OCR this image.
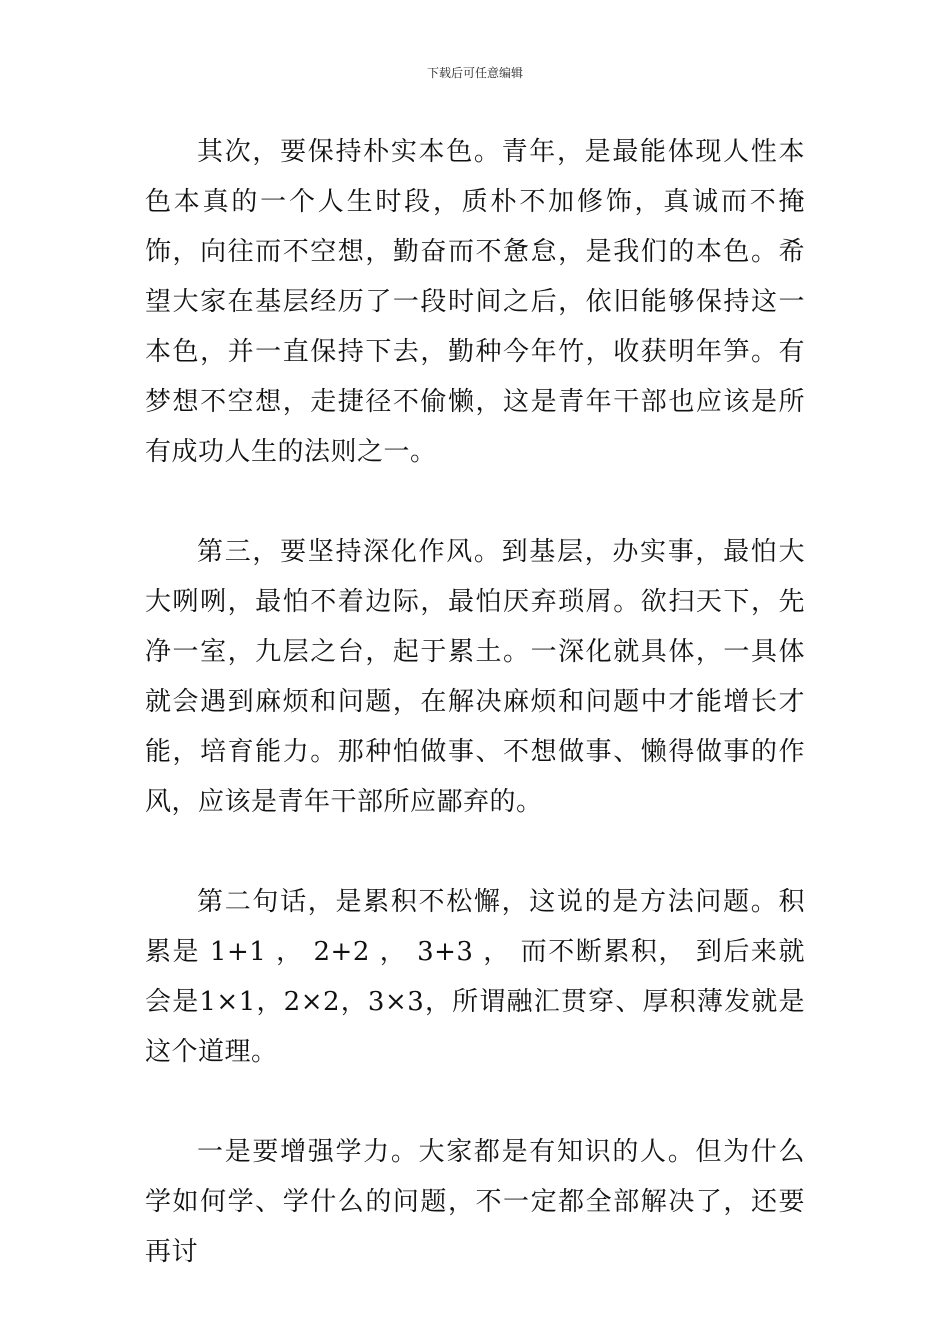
下载后可任意编辑

其次，要保持朴实本色。青年，是最能体现人性本色本真的一个人生时段，质朴不加修饰，真诚而不掩饰，向往而不空想，勤奋而不惫怠，是我们的本色。希望大家在基层经历了一段时间之后，依旧能够保持这一本色，并一直保持下去，勤种今年竹，收获明年笋。有梦想不空想，走捷径不偷懒，这是青年干部也应该是所有成功人生的法则之一。

第三，要坚持深化作风。到基层，办实事，最怕大大咧咧，最怕不着边际，最怕厌弃琐屑。欲扫天下，先净一室，九层之台，起于累土。一深化就具体，一具体就会遇到麻烦和问题，在解决麻烦和问题中才能增长才能，培育能力。那种怕做事、不想做事、懒得做事的作风，应该是青年干部所应鄙弃的。

第二句话，是累积不松懈，这说的是方法问题。积累是 1+1 ， 2+2 ， 3+3 ， 而不断累积， 到后来就会是1×1，2×2，3×3，所谓融汇贯穿、厚积薄发就是这个道理。

一是要增强学力。大家都是有知识的人。但为什么学如何学、学什么的问题，不一定都全部解决了，还要再讨
